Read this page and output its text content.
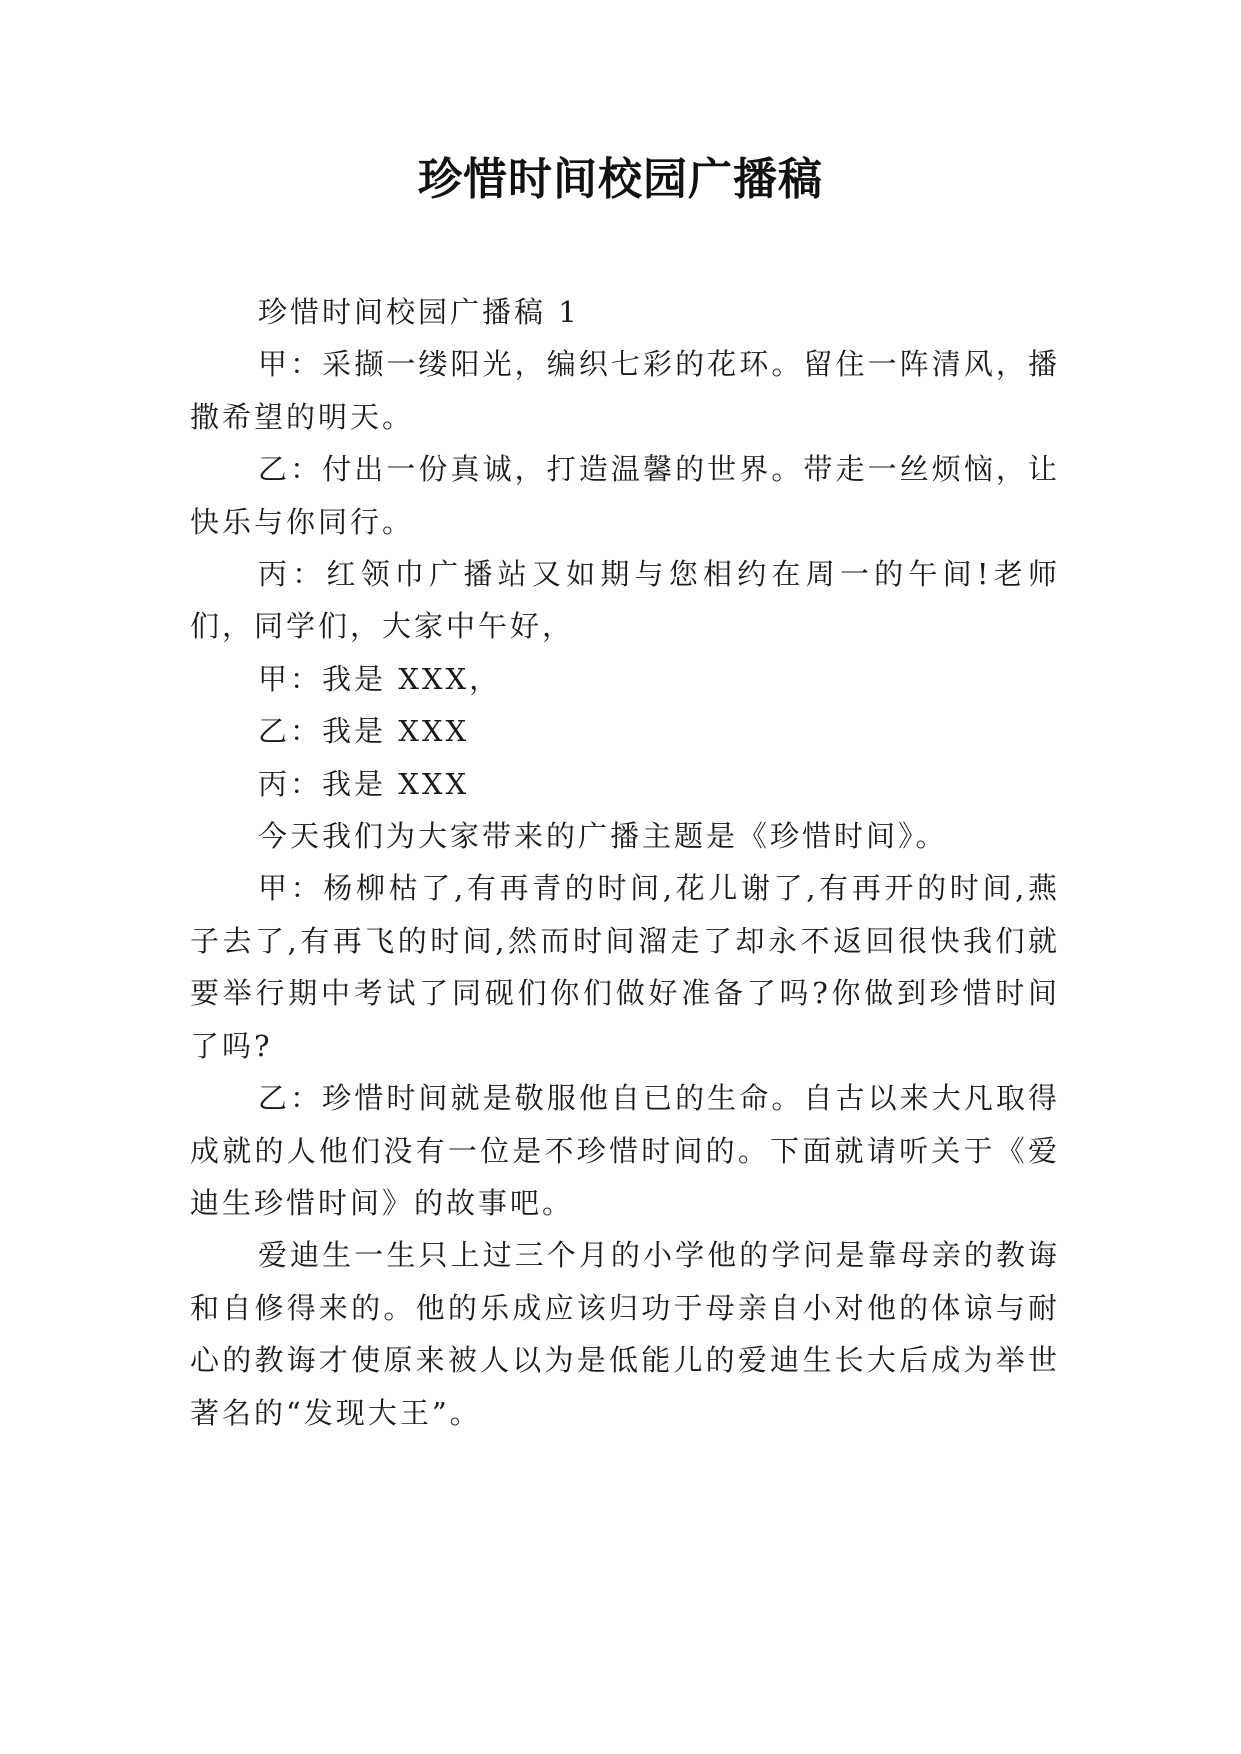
珍惜时间校园广播稿

珍惜时间校园广播稿 1

甲：采撷一缕阳光，编织七彩的花环。留住一阵清风，播撒希望的明天。

乙：付出一份真诚，打造温馨的世界。带走一丝烦恼，让快乐与你同行。

丙：红领巾广播站又如期与您相约在周一的午间!老师们，同学们，大家中午好，

甲：我是 XXX，

乙：我是 XXX

丙：我是 XXX

今天我们为大家带来的广播主题是《珍惜时间》。

甲：杨柳枯了,有再青的时间,花儿谢了,有再开的时间,燕子去了,有再飞的时间,然而时间溜走了却永不返回很快我们就要举行期中考试了同砚们你们做好准备了吗?你做到珍惜时间了吗?

乙：珍惜时间就是敬服他自已的生命。自古以来大凡取得成就的人他们没有一位是不珍惜时间的。下面就请听关于《爱迪生珍惜时间》的故事吧。

爱迪生一生只上过三个月的小学他的学问是靠母亲的教诲和自修得来的。他的乐成应该归功于母亲自小对他的体谅与耐心的教诲才使原来被人以为是低能儿的爱迪生长大后成为举世著名的“发现大王”。
